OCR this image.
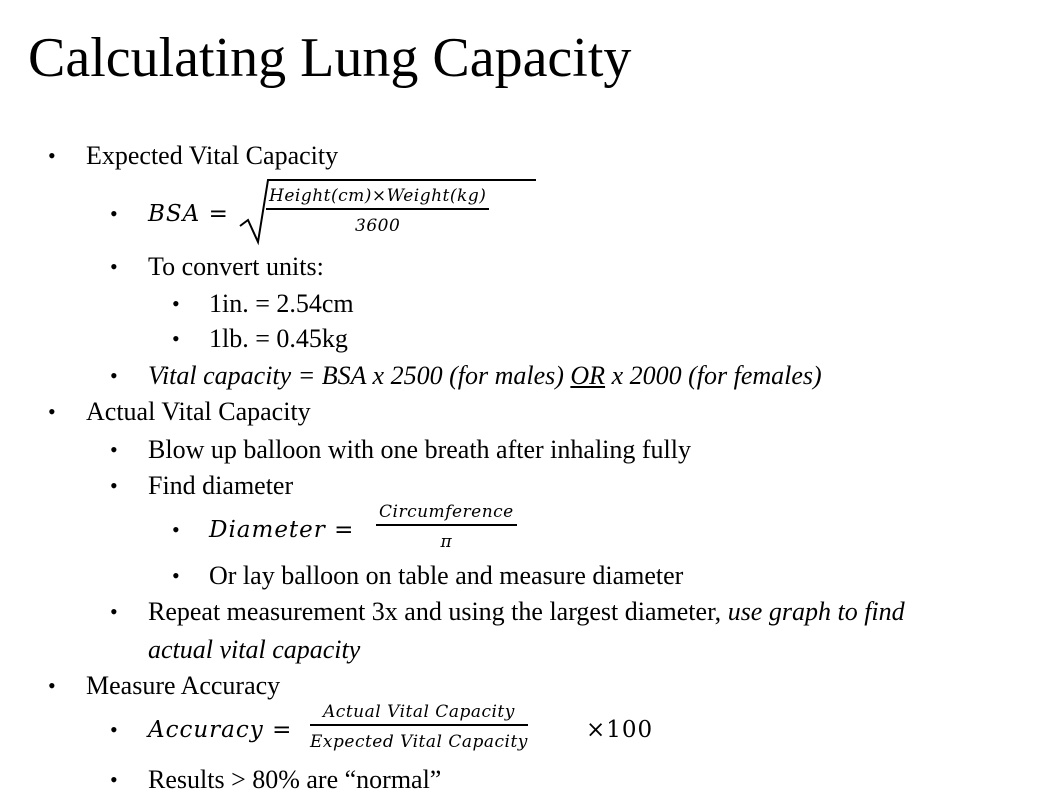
Calculating Lung Capacity
• Expected Vital Capacity
• BSA = $\frac{\text{Height(cm)×Weight(kg)}}{3600}$
• To convert units:
• 1in. = 2.54cm
• 1lb. = 0.45kg
• Vital capacity = BSA x 2500 (for males) OR x 2000 (for females)
• Actual Vital Capacity
• Blow up balloon with one breath after inhaling fully
• Find diameter
• Diameter = $\frac{\text{Circumference}}{\pi}$
• Or lay balloon on table and measure diameter
• Repeat measurement 3x and using the largest diameter, use graph to find
actual vital capacity
• Measure Accuracy
• Accuracy = $\frac{\text{Actual Vital Capacity}}{\text{Expected Vital Capacity}}$	×100
• Results > 80% are “normal”
